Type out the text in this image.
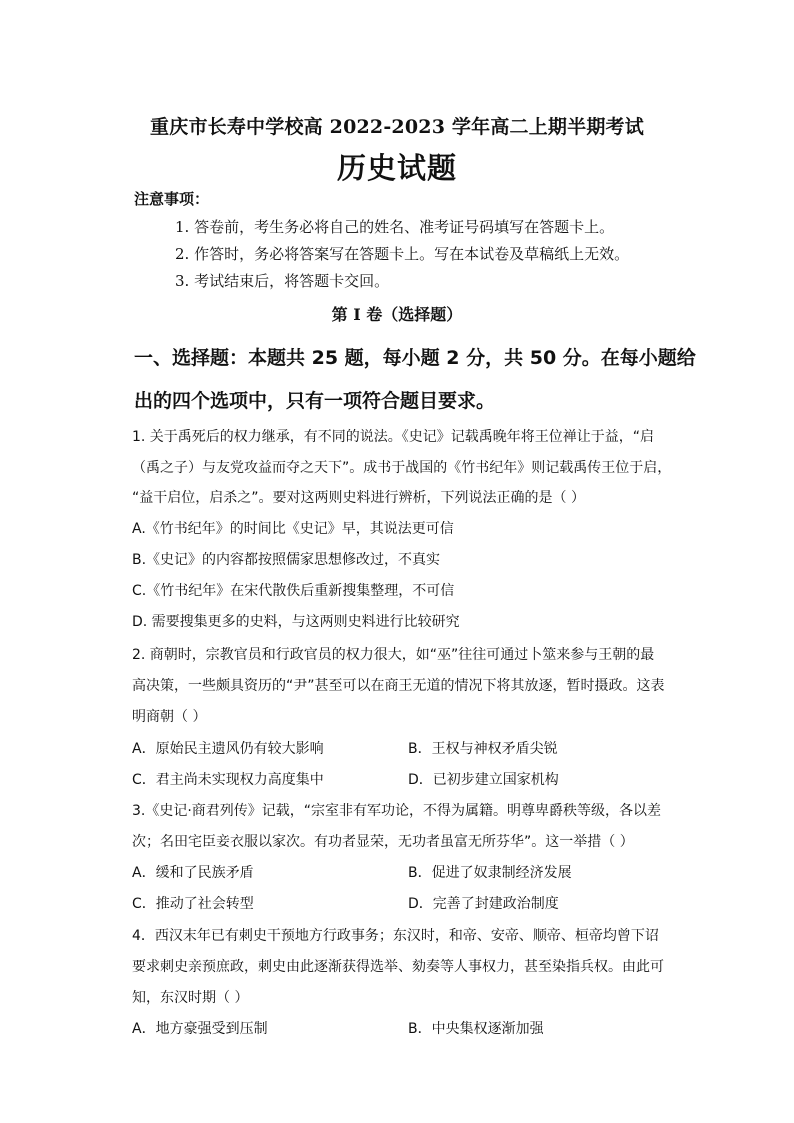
重庆市长寿中学校高 2022-2023 学年高二上期半期考试
历史试题
注意事项：
1. 答卷前，考生务必将自己的姓名、准考证号码填写在答题卡上。
2. 作答时，务必将答案写在答题卡上。写在本试卷及草稿纸上无效。
3. 考试结束后，将答题卡交回。
第 I 卷（选择题）
一、选择题：本题共 25 题，每小题 2 分，共 50 分。在每小题给
出的四个选项中，只有一项符合题目要求。
1. 关于禹死后的权力继承，有不同的说法。《史记》记载禹晚年将王位禅让于益，“启
（禹之子）与友党攻益而夺之天下”。成书于战国的《竹书纪年》则记载禹传王位于启，
“益干启位，启杀之”。要对这两则史料进行辨析，下列说法正确的是（ ）
A.《竹书纪年》的时间比《史记》早，其说法更可信
B.《史记》的内容都按照儒家思想修改过，不真实
C.《竹书纪年》在宋代散佚后重新搜集整理，不可信
D. 需要搜集更多的史料，与这两则史料进行比较研究
2. 商朝时，宗教官员和行政官员的权力很大，如“巫”往往可通过卜筮来参与王朝的最
高决策，一些颇具资历的“尹”甚至可以在商王无道的情况下将其放逐，暂时摄政。这表
明商朝（ ）
A．原始民主遗风仍有较大影响	B．王权与神权矛盾尖锐
C．君主尚未实现权力高度集中	D．已初步建立国家机构
3.《史记·商君列传》记载，“宗室非有军功论，不得为属籍。明尊卑爵秩等级，各以差
次；名田宅臣妾衣服以家次。有功者显荣，无功者虽富无所芬华”。这一举措（ ）
A．缓和了民族矛盾	B．促进了奴隶制经济发展
C．推动了社会转型	D．完善了封建政治制度
4．西汉末年已有刺史干预地方行政事务；东汉时，和帝、安帝、顺帝、桓帝均曾下诏
要求刺史亲预庶政，刺史由此逐渐获得选举、劾奏等人事权力，甚至染指兵权。由此可
知，东汉时期（ ）
A．地方豪强受到压制	B．中央集权逐渐加强
